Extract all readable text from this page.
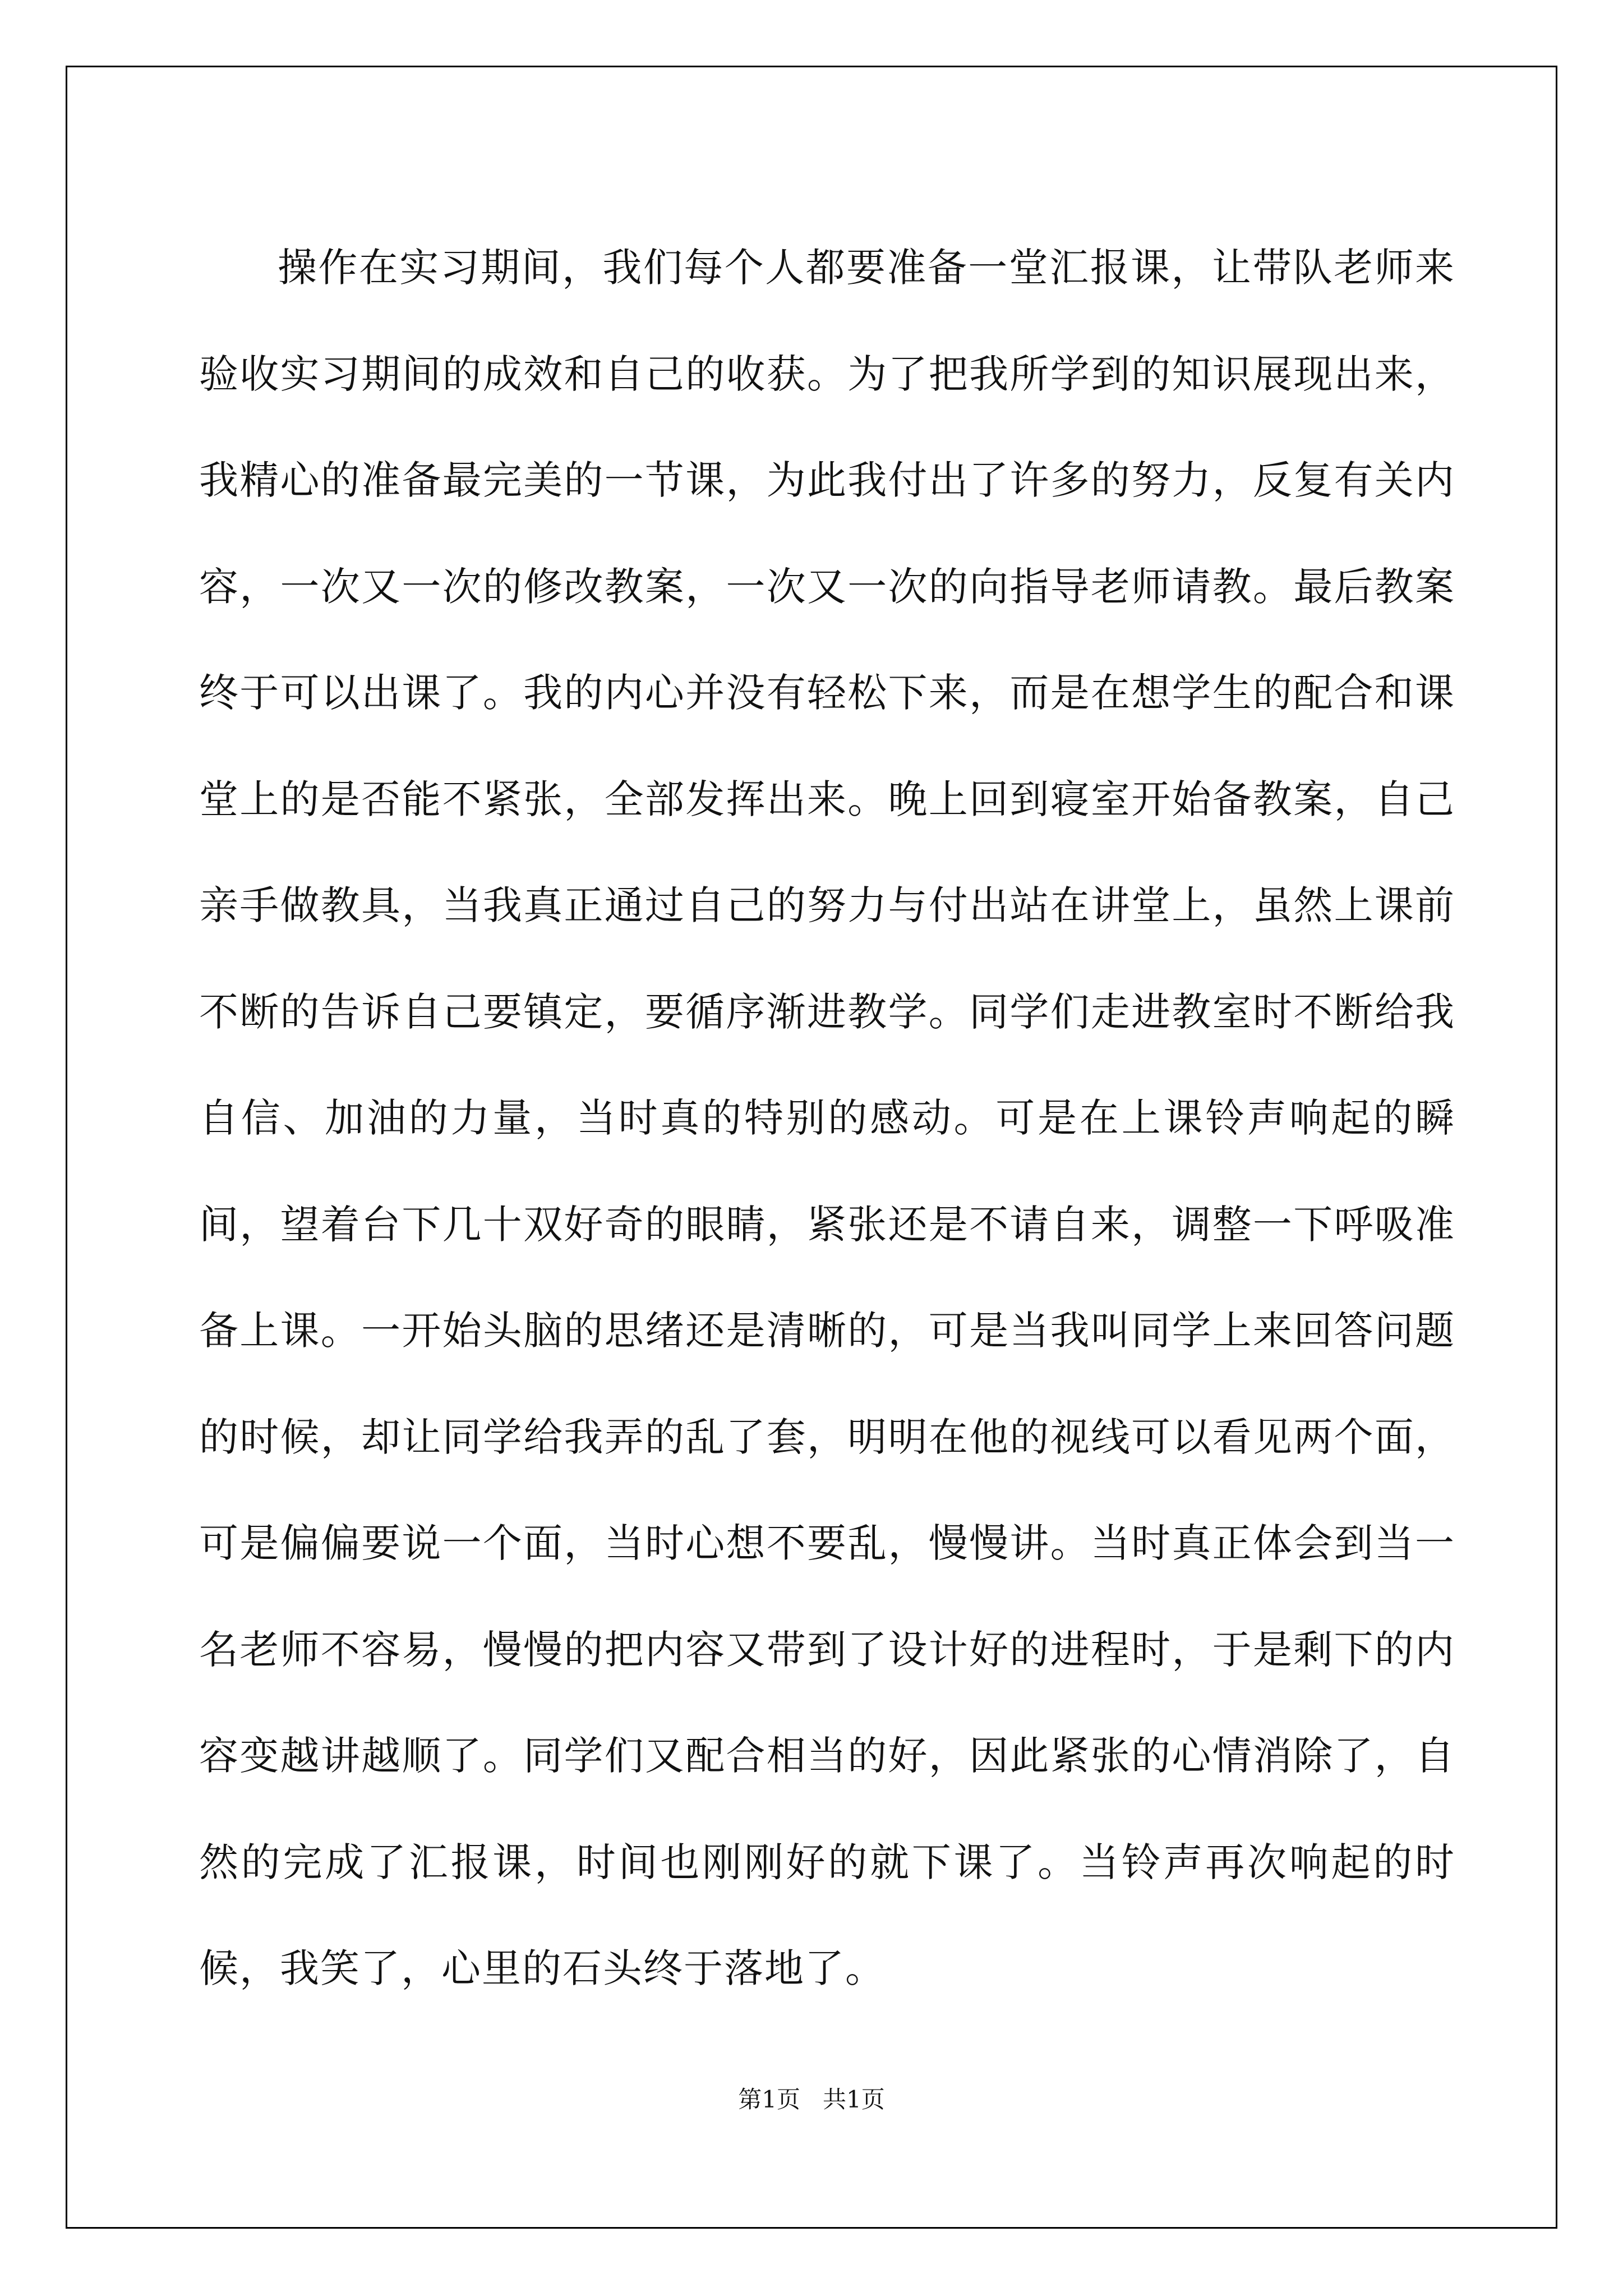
操作在实习期间，我们每个人都要准备一堂汇报课，让带队老师来验收实习期间的成效和自己的收获。为了把我所学到的知识展现出来，我精心的准备最完美的一节课，为此我付出了许多的努力，反复有关内容，一次又一次的修改教案，一次又一次的向指导老师请教。最后教案终于可以出课了。我的内心并没有轻松下来，而是在想学生的配合和课堂上的是否能不紧张，全部发挥出来。晚上回到寝室开始备教案，自己亲手做教具，当我真正通过自己的努力与付出站在讲堂上，虽然上课前不断的告诉自己要镇定，要循序渐进教学。同学们走进教室时不断给我自信、加油的力量，当时真的特别的感动。可是在上课铃声响起的瞬间，望着台下几十双好奇的眼睛，紧张还是不请自来，调整一下呼吸准备上课。一开始头脑的思绪还是清晰的，可是当我叫同学上来回答问题的时候，却让同学给我弄的乱了套，明明在他的视线可以看见两个面，可是偏偏要说一个面，当时心想不要乱，慢慢讲。当时真正体会到当一名老师不容易，慢慢的把内容又带到了设计好的进程时，于是剩下的内容变越讲越顺了。同学们又配合相当的好，因此紧张的心情消除了，自然的完成了汇报课，时间也刚刚好的就下课了。当铃声再次响起的时候，我笑了，心里的石头终于落地了。

第1页   共1页
